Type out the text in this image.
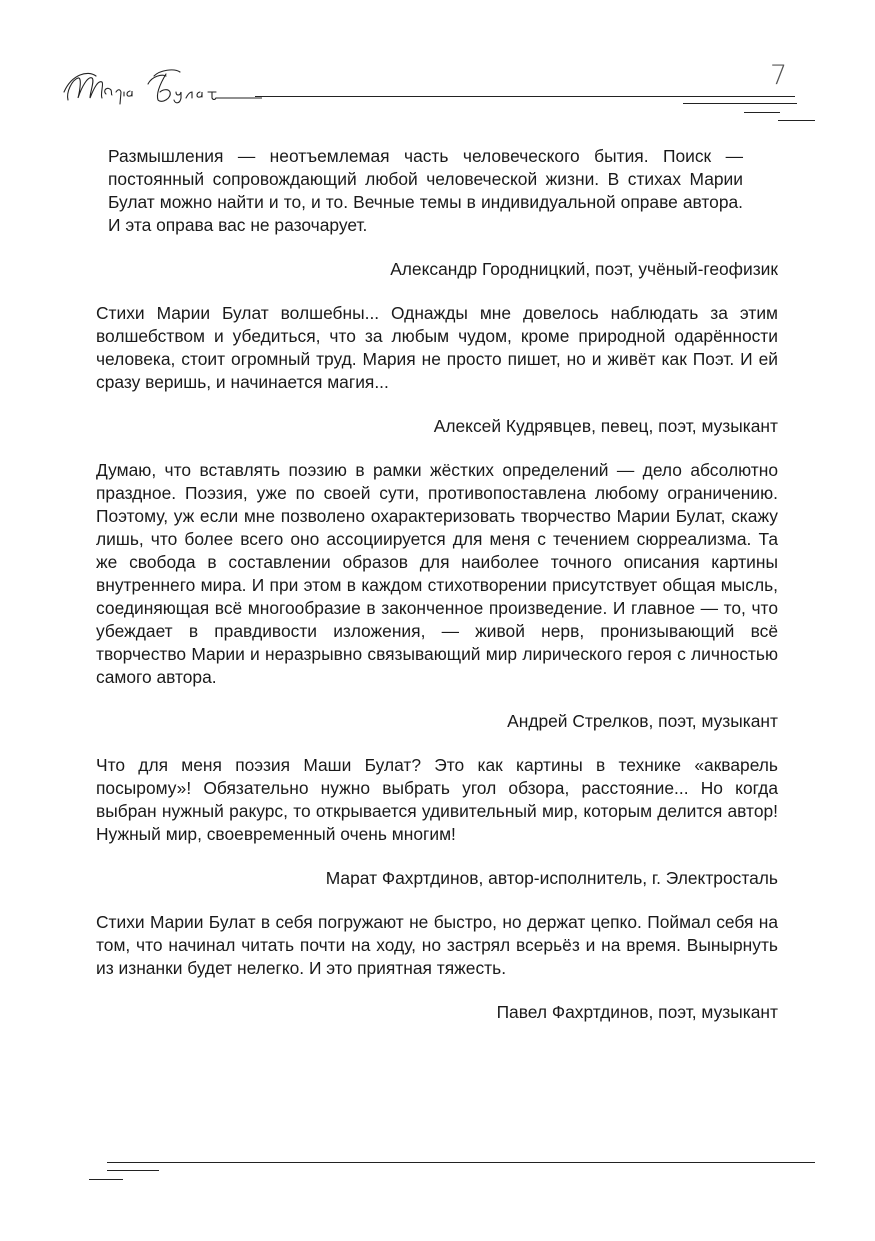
7

Размышления — неотъемлемая часть человеческого бытия. Поиск — постоянный сопровождающий любой человеческой жизни. В стихах Марии Булат можно найти и то, и то. Вечные темы в индивидуальной оправе автора. И эта оправа вас не разочарует.

Александр Городницкий, поэт, учёный-геофизик

Стихи Марии Булат волшебны... Однажды мне довелось наблюдать за этим волшебством и убедиться, что за любым чудом, кроме природной одарённости человека, стоит огромный труд. Мария не просто пишет, но и живёт как Поэт. И ей сразу веришь, и начинается магия...

Алексей Кудрявцев, певец, поэт, музыкант

Думаю, что вставлять поэзию в рамки жёстких определений — дело абсолютно праздное. Поэзия, уже по своей сути, противопоставлена любому ограничению. Поэтому, уж если мне позволено охарактеризовать творчество Марии Булат, скажу лишь, что более всего оно ассоциируется для меня с течением сюрреализма. Та же свобода в составлении образов для наиболее точного описания картины внутреннего мира. И при этом в каждом стихотворении присутствует общая мысль, соединяющая всё многообразие в законченное произведение. И главное — то, что убеждает в правдивости изложения, — живой нерв, пронизывающий всё творчество Марии и неразрывно связывающий мир лирического героя с личностью самого автора.

Андрей Стрелков, поэт, музыкант

Что для меня поэзия Маши Булат? Это как картины в технике «акварель посырому»! Обязательно нужно выбрать угол обзора, расстояние... Но когда выбран нужный ракурс, то открывается удивительный мир, которым делится автор! Нужный мир, своевременный очень многим!

Марат Фахртдинов, автор-исполнитель, г. Электросталь

Стихи Марии Булат в себя погружают не быстро, но держат цепко. Поймал себя на том, что начинал читать почти на ходу, но застрял всерьёз и на время. Вынырнуть из изнанки будет нелегко. И это приятная тяжесть.

Павел Фахртдинов, поэт, музыкант
